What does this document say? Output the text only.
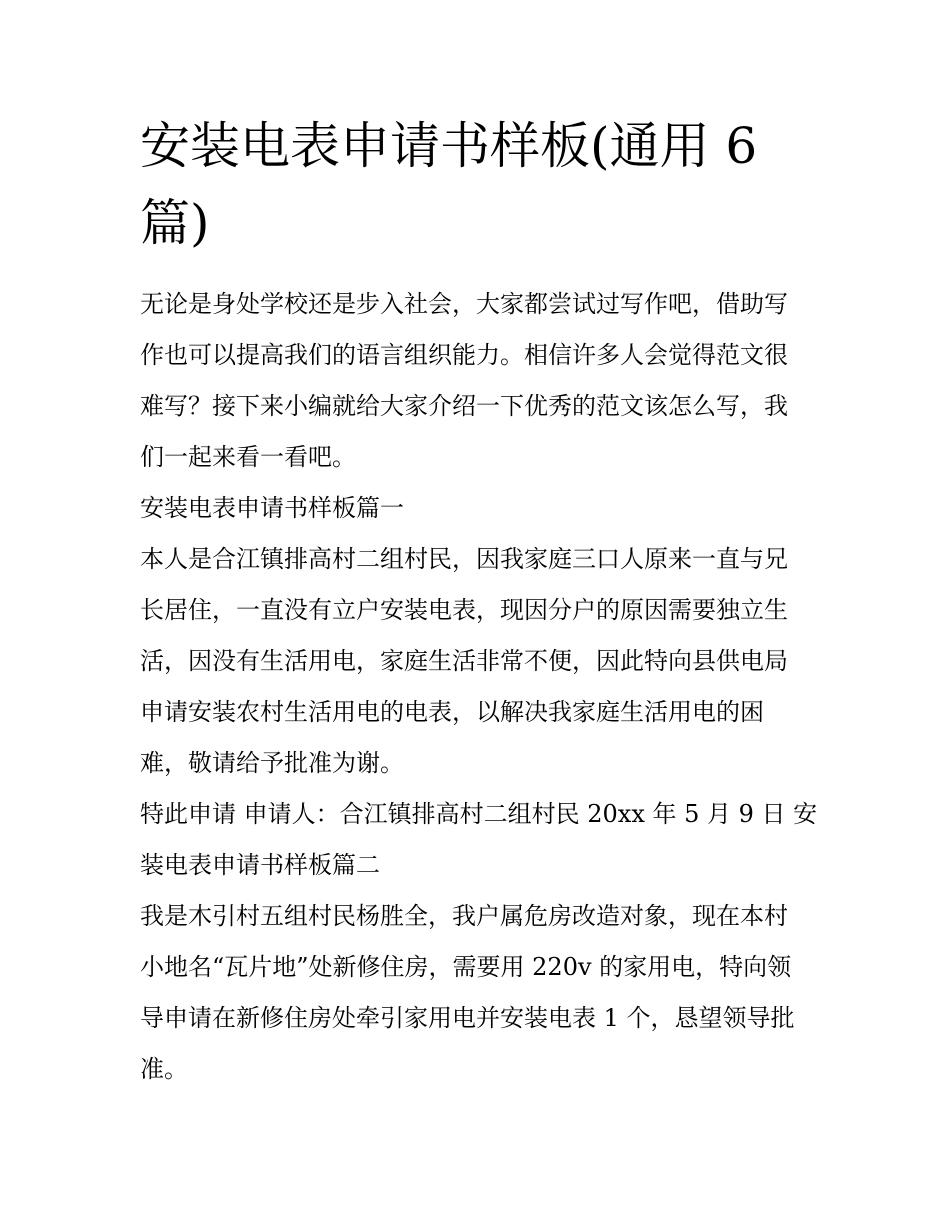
安装电表申请书样板(通用 6
篇)

无论是身处学校还是步入社会，大家都尝试过写作吧，借助写
作也可以提高我们的语言组织能力。相信许多人会觉得范文很
难写？接下来小编就给大家介绍一下优秀的范文该怎么写，我
们一起来看一看吧。

安装电表申请书样板篇一

本人是合江镇排高村二组村民，因我家庭三口人原来一直与兄
长居住，一直没有立户安装电表，现因分户的原因需要独立生
活，因没有生活用电，家庭生活非常不便，因此特向县供电局
申请安装农村生活用电的电表，以解决我家庭生活用电的困
难，敬请给予批准为谢。

特此申请 申请人：合江镇排高村二组村民 20xx 年 5 月 9 日 安
装电表申请书样板篇二

我是木引村五组村民杨胜全，我户属危房改造对象，现在本村
小地名“瓦片地”处新修住房，需要用 220v 的家用电，特向领
导申请在新修住房处牵引家用电并安装电表 1 个，恳望领导批
准。
